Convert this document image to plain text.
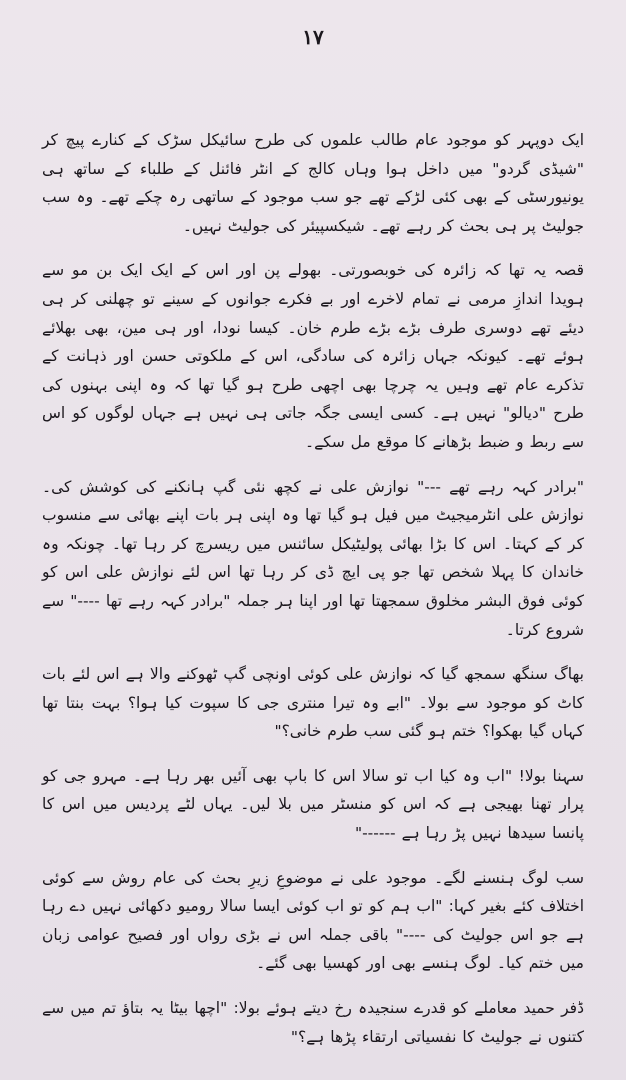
۱۷

ایک دوپہر کو موجود عام طالب علموں کی طرح سائیکل سڑک کے کنارے پیچ کر "شیڈی گردو" میں داخل ہوا وہاں کالج کے انٹر فائنل کے طلباء کے ساتھ ہی یونیورسٹی کے بھی کئی لڑکے تھے جو سب موجود کے ساتھی رہ چکے تھے۔ وہ سب جولیٹ پر ہی بحث کر رہے تھے۔ شیکسپیئر کی جولیٹ نہیں۔

قصہ یہ تھا کہ زائرہ کی خوبصورتی۔ بھولے پن اور اس کے ایک ایک بن مو سے ہویدا اندازِ مرمی نے تمام لاخرے اور بے فکرے جوانوں کے سینے تو چھلنی کر ہی دیئے تھے دوسری طرف بڑے بڑے طرم خان۔ کیسا نودا، اور ہی مین، بھی بھلائے ہوئے تھے۔ کیونکہ جہاں زائرہ کی سادگی، اس کے ملکوتی حسن اور ذہانت کے تذکرے عام تھے وہیں یہ چرچا بھی اچھی طرح ہو گیا تھا کہ وہ اپنی بہنوں کی طرح "دیالو" نہیں ہے۔ کسی ایسی جگہ جاتی ہی نہیں ہے جہاں لوگوں کو اس سے ربط و ضبط بڑھانے کا موقع مل سکے۔

"برادر کہہ رہے تھے ---" نوازش علی نے کچھ نئی گپ ہانکنے کی کوشش کی۔ نوازش علی انٹرمیجیٹ میں فیل ہو گیا تھا وہ اپنی ہر بات اپنے بھائی سے منسوب کر کے کہتا۔ اس کا بڑا بھائی پولیٹیکل سائنس میں ریسرچ کر رہا تھا۔ چونکہ وہ خاندان کا پہلا شخص تھا جو پی ایچ ڈی کر رہا تھا اس لئے نوازش علی اس کو کوئی فوق البشر مخلوق سمجھتا تھا اور اپنا ہر جملہ "برادر کہہ رہے تھا ----" سے شروع کرتا۔

بھاگ سنگھ سمجھ گیا کہ نوازش علی کوئی اونچی گپ ٹھوکنے والا ہے اس لئے بات کاٹ کو موجود سے بولا۔ "ابے وہ تیرا منتری جی کا سپوت کیا ہوا؟ بہت بنتا تھا کہاں گیا بھکوا؟ ختم ہو گئی سب طرم خانی؟"

سہنا بولا! "اب وہ کیا اب تو سالا اس کا باپ بھی آئیں بھر رہا ہے۔ مہرو جی کو پرار تھنا بھیجی ہے کہ اس کو منسٹر میں بلا لیں۔ یہاں لٹے پردیس میں اس کا پانسا سیدھا نہیں پڑ رہا ہے ------"

سب لوگ ہنسنے لگے۔ موجود علی نے موضوعِ زیرِ بحث کی عام روش سے کوئی اختلاف کئے بغیر کہا: "اب ہم کو تو اب کوئی ایسا سالا رومیو دکھائی نہیں دے رہا ہے جو اس جولیٹ کی ----" باقی جملہ اس نے بڑی رواں اور فصیح عوامی زبان میں ختم کیا۔ لوگ ہنسے بھی اور کھسیا بھی گئے۔

ڈفر حمید معاملے کو قدرے سنجیدہ رخ دیتے ہوئے بولا: "اچھا بیٹا یہ بتاؤ تم میں سے کتنوں نے جولیٹ کا نفسیاتی ارتقاء پڑھا ہے؟"
